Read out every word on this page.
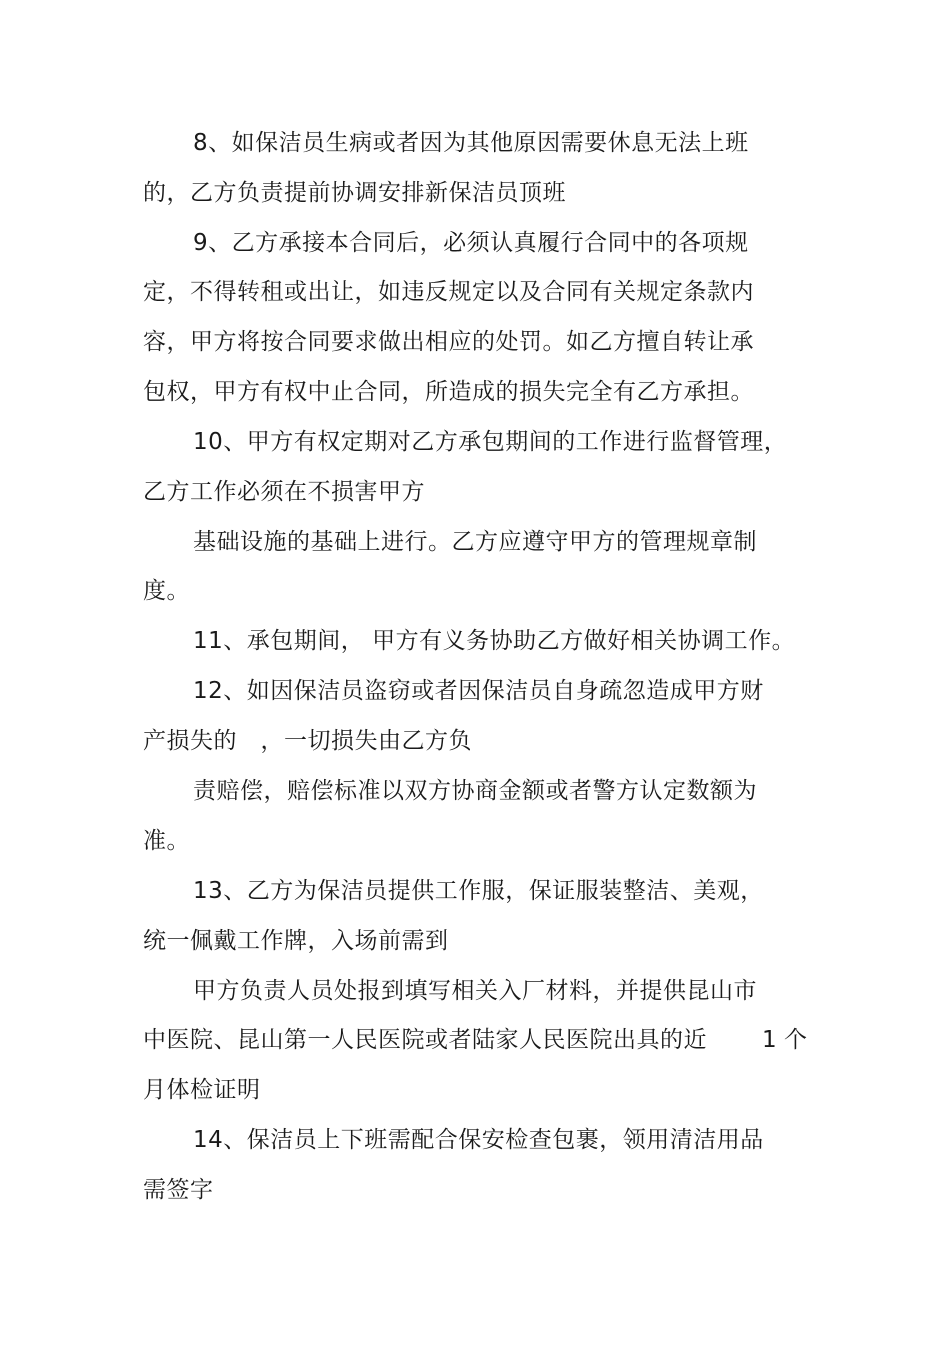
8、如保洁员生病或者因为其他原因需要休息无法上班

的，乙方负责提前协调安排新保洁员顶班

9、乙方承接本合同后，必须认真履行合同中的各项规

定，不得转租或出让，如违反规定以及合同有关规定条款内

容，甲方将按合同要求做出相应的处罚。如乙方擅自转让承

包权，甲方有权中止合同，所造成的损失完全有乙方承担。

10、甲方有权定期对乙方承包期间的工作进行监督管理，

乙方工作必须在不损害甲方

基础设施的基础上进行。乙方应遵守甲方的管理规章制

度。

11、承包期间， 甲方有义务协助乙方做好相关协调工作。

12、如因保洁员盗窃或者因保洁员自身疏忽造成甲方财

产损失的　，一切损失由乙方负

责赔偿，赔偿标准以双方协商金额或者警方认定数额为

准。

13、乙方为保洁员提供工作服，保证服装整洁、美观，

统一佩戴工作牌，入场前需到

甲方负责人员处报到填写相关入厂材料，并提供昆山市

中医院、昆山第一人民医院或者陆家人民医院出具的近 1 个

月体检证明

14、保洁员上下班需配合保安检查包裹，领用清洁用品

需签字
